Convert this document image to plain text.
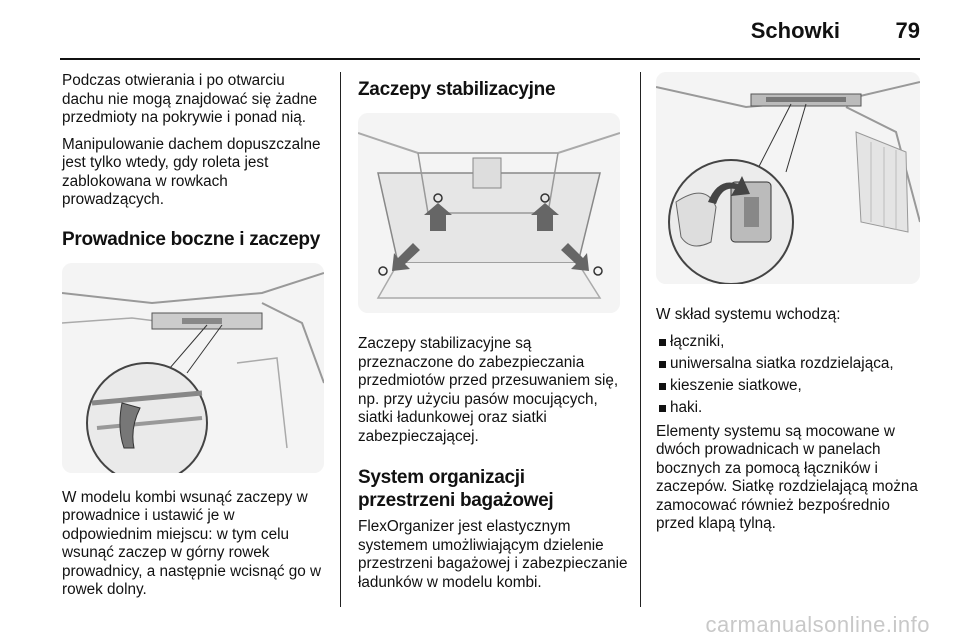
Schowki	79

Podczas otwierania i po otwarciu dachu nie mogą znajdować się żadne przedmioty na pokrywie i ponad nią.

Manipulowanie dachem dopuszczalne jest tylko wtedy, gdy roleta jest zablokowana w rowkach prowadzących.

Prowadnice boczne i zaczepy

W modelu kombi wsunąć zaczepy w prowadnice i ustawić je w odpowiednim miejscu: w tym celu wsunąć zaczep w górny rowek prowadnicy, a następnie wcisnąć go w rowek dolny.

Zaczepy stabilizacyjne

Zaczepy stabilizacyjne są przeznaczone do zabezpieczania przedmiotów przed przesuwaniem się, np. przy użyciu pasów mocujących, siatki ładunkowej oraz siatki zabezpieczającej.

System organizacji
przestrzeni bagażowej

FlexOrganizer jest elastycznym systemem umożliwiającym dzielenie przestrzeni bagażowej i zabezpieczanie ładunków w modelu kombi.

W skład systemu wchodzą:

łączniki,
uniwersalna siatka rozdzielająca,
kieszenie siatkowe,
haki.

Elementy systemu są mocowane w dwóch prowadnicach w panelach bocznych za pomocą łączników i zaczepów. Siatkę rozdzielającą można zamocować również bezpośrednio przed klapą tylną.

carmanualsonline.info
